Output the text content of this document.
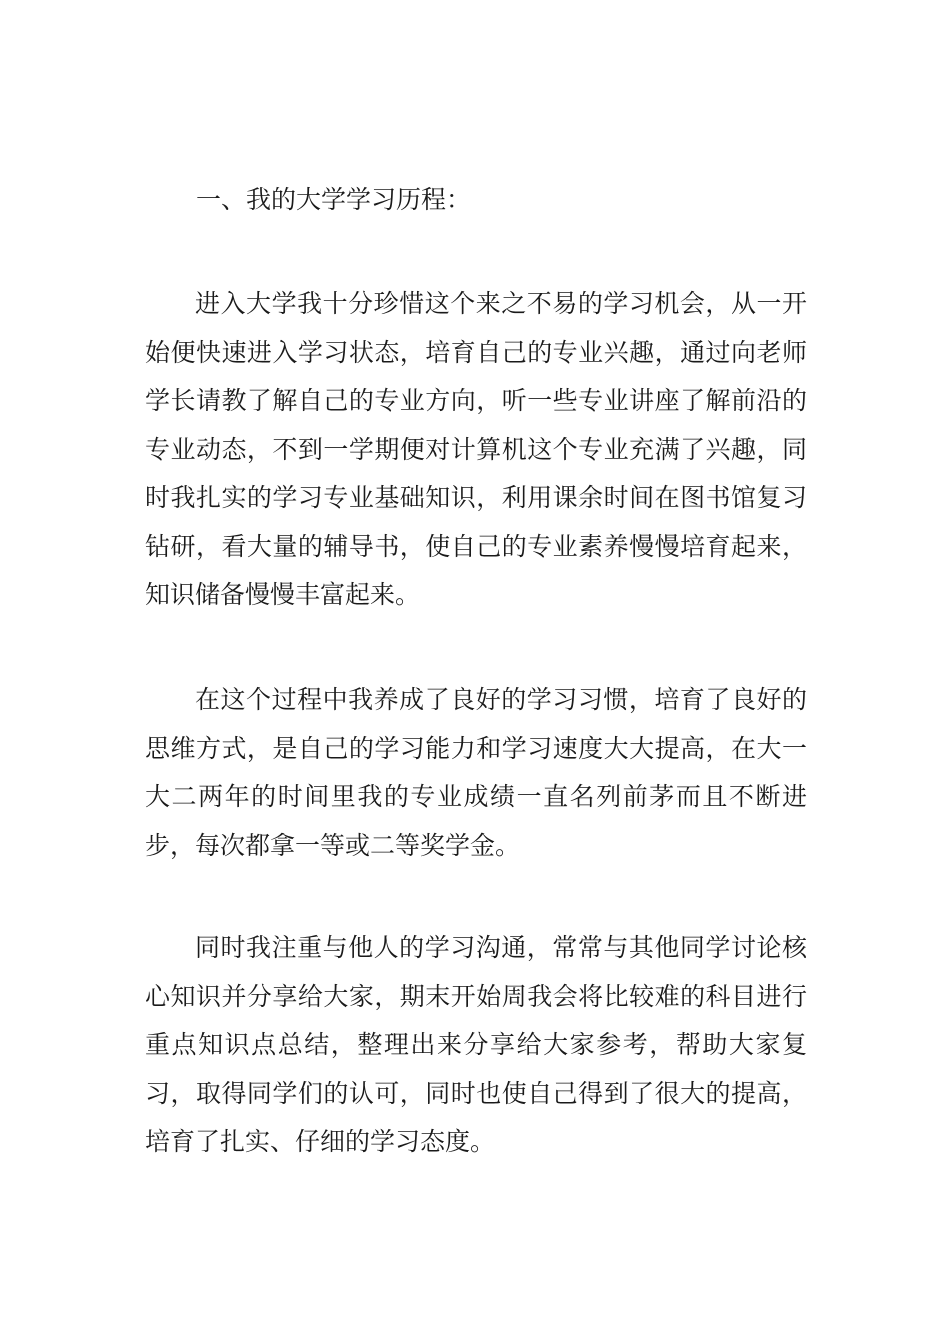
一、我的大学学习历程：

进入大学我十分珍惜这个来之不易的学习机会，从一开始便快速进入学习状态，培育自己的专业兴趣，通过向老师学长请教了解自己的专业方向，听一些专业讲座了解前沿的专业动态，不到一学期便对计算机这个专业充满了兴趣，同时我扎实的学习专业基础知识，利用课余时间在图书馆复习钻研，看大量的辅导书，使自己的专业素养慢慢培育起来，知识储备慢慢丰富起来。

在这个过程中我养成了良好的学习习惯，培育了良好的思维方式，是自己的学习能力和学习速度大大提高，在大一大二两年的时间里我的专业成绩一直名列前茅而且不断进步，每次都拿一等或二等奖学金。

同时我注重与他人的学习沟通，常常与其他同学讨论核心知识并分享给大家，期末开始周我会将比较难的科目进行重点知识点总结，整理出来分享给大家参考，帮助大家复习，取得同学们的认可，同时也使自己得到了很大的提高，培育了扎实、仔细的学习态度。
